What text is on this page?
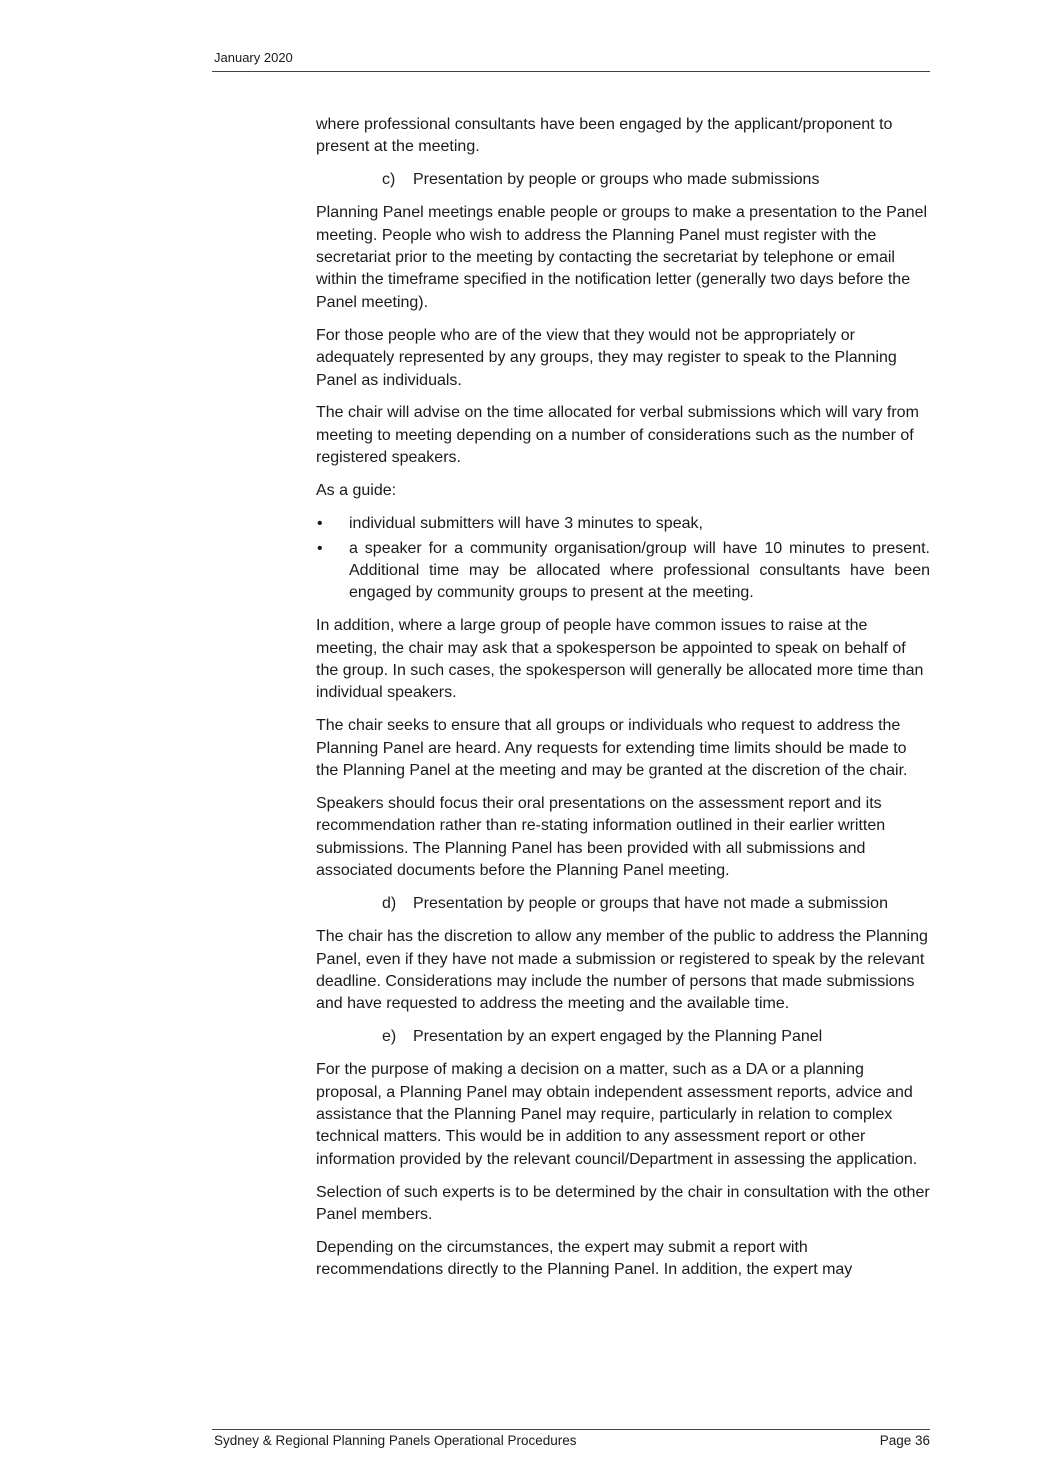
January 2020

where professional consultants have been engaged by the applicant/proponent to present at the meeting.

c) Presentation by people or groups who made submissions

Planning Panel meetings enable people or groups to make a presentation to the Panel meeting. People who wish to address the Planning Panel must register with the secretariat prior to the meeting by contacting the secretariat by telephone or email within the timeframe specified in the notification letter (generally two days before the Panel meeting).

For those people who are of the view that they would not be appropriately or adequately represented by any groups, they may register to speak to the Planning Panel as individuals.

The chair will advise on the time allocated for verbal submissions which will vary from meeting to meeting depending on a number of considerations such as the number of registered speakers.

As a guide:

• individual submitters will have 3 minutes to speak,
• a speaker for a community organisation/group will have 10 minutes to present. Additional time may be allocated where professional consultants have been engaged by community groups to present at the meeting.

In addition, where a large group of people have common issues to raise at the meeting, the chair may ask that a spokesperson be appointed to speak on behalf of the group. In such cases, the spokesperson will generally be allocated more time than individual speakers.

The chair seeks to ensure that all groups or individuals who request to address the Planning Panel are heard. Any requests for extending time limits should be made to the Planning Panel at the meeting and may be granted at the discretion of the chair.

Speakers should focus their oral presentations on the assessment report and its recommendation rather than re-stating information outlined in their earlier written submissions. The Planning Panel has been provided with all submissions and associated documents before the Planning Panel meeting.

d) Presentation by people or groups that have not made a submission

The chair has the discretion to allow any member of the public to address the Planning Panel, even if they have not made a submission or registered to speak by the relevant deadline. Considerations may include the number of persons that made submissions and have requested to address the meeting and the available time.

e) Presentation by an expert engaged by the Planning Panel

For the purpose of making a decision on a matter, such as a DA or a planning proposal, a Planning Panel may obtain independent assessment reports, advice and assistance that the Planning Panel may require, particularly in relation to complex technical matters. This would be in addition to any assessment report or other information provided by the relevant council/Department in assessing the application.

Selection of such experts is to be determined by the chair in consultation with the other Panel members.

Depending on the circumstances, the expert may submit a report with recommendations directly to the Planning Panel. In addition, the expert may

Sydney & Regional Planning Panels Operational Procedures	Page 36
